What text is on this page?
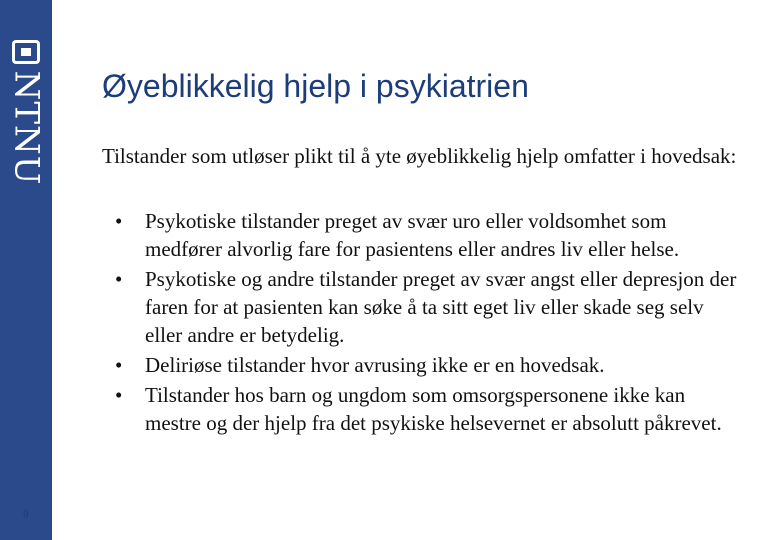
NTNU Øyeblikkelig hjelp i psykiatrien

Tilstander som utløser plikt til å yte øyeblikkelig hjelp omfatter i hovedsak:

• Psykotiske tilstander preget av svær uro eller voldsomhet som medfører alvorlig fare for pasientens eller andres liv eller helse.
• Psykotiske og andre tilstander preget av svær angst eller depresjon der faren for at pasienten kan søke å ta sitt eget liv eller skade seg selv eller andre er betydelig.
• Deliriøse tilstander hvor avrusing ikke er en hovedsak.
• Tilstander hos barn og ungdom som omsorgspersonene ikke kan mestre og der hjelp fra det psykiske helsevernet er absolutt påkrevet.
9
